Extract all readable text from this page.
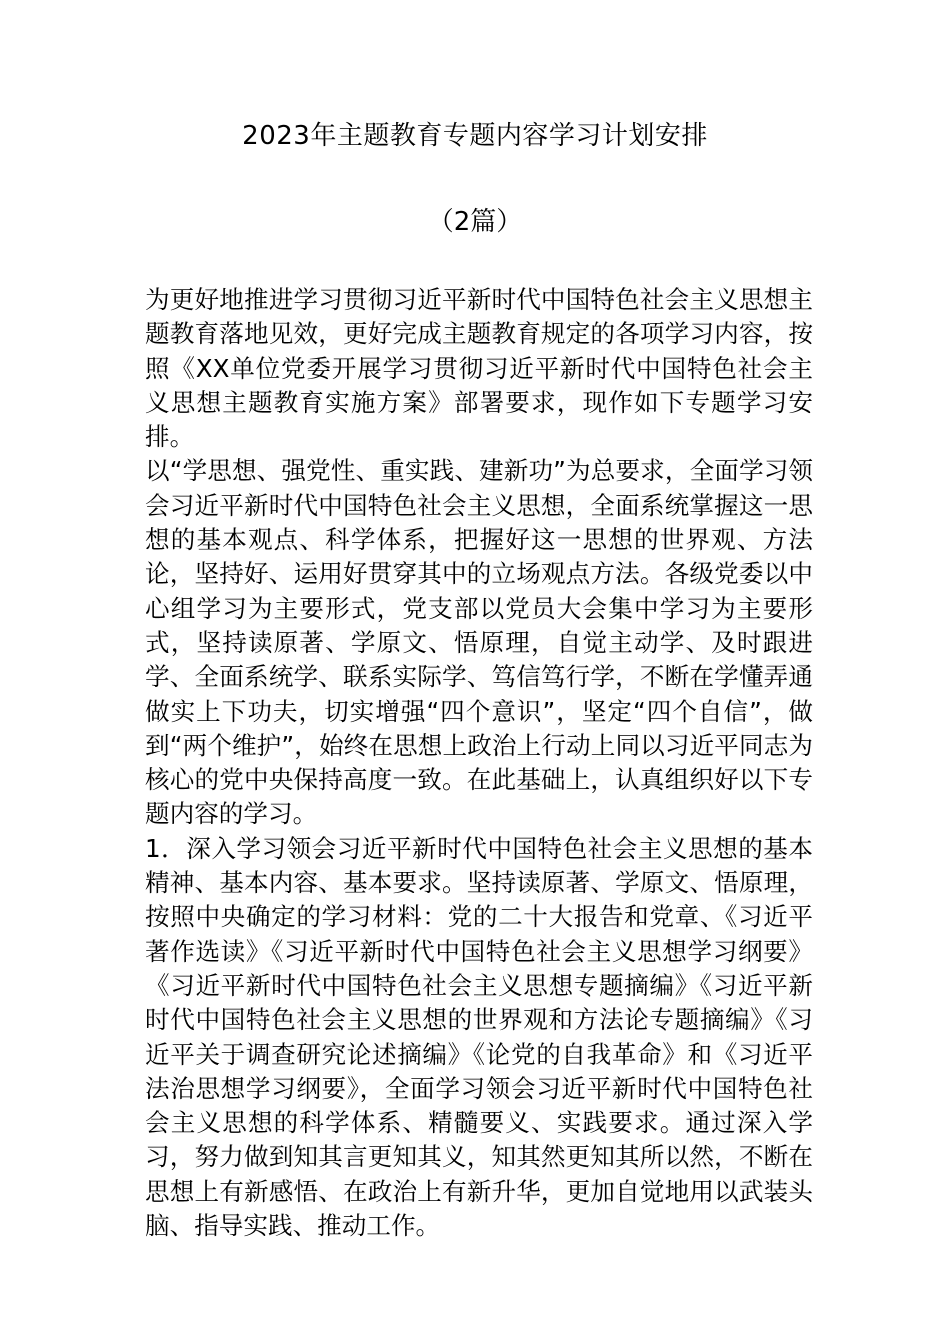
2023年主题教育专题内容学习计划安排
（2篇）

为更好地推进学习贯彻习近平新时代中国特色社会主义思想主题教育落地见效，更好完成主题教育规定的各项学习内容，按照《XX单位党委开展学习贯彻习近平新时代中国特色社会主义思想主题教育实施方案》部署要求，现作如下专题学习安排。

以“学思想、强党性、重实践、建新功”为总要求，全面学习领会习近平新时代中国特色社会主义思想，全面系统掌握这一思想的基本观点、科学体系，把握好这一思想的世界观、方法论，坚持好、运用好贯穿其中的立场观点方法。各级党委以中心组学习为主要形式，党支部以党员大会集中学习为主要形式，坚持读原著、学原文、悟原理，自觉主动学、及时跟进学、全面系统学、联系实际学、笃信笃行学，不断在学懂弄通做实上下功夫，切实增强“四个意识”，坚定“四个自信”，做到“两个维护”，始终在思想上政治上行动上同以习近平同志为核心的党中央保持高度一致。在此基础上，认真组织好以下专题内容的学习。

1．深入学习领会习近平新时代中国特色社会主义思想的基本精神、基本内容、基本要求。坚持读原著、学原文、悟原理，按照中央确定的学习材料：党的二十大报告和党章、《习近平著作选读》《习近平新时代中国特色社会主义思想学习纲要》《习近平新时代中国特色社会主义思想专题摘编》《习近平新时代中国特色社会主义思想的世界观和方法论专题摘编》《习近平关于调查研究论述摘编》《论党的自我革命》和《习近平法治思想学习纲要》，全面学习领会习近平新时代中国特色社会主义思想的科学体系、精髓要义、实践要求。通过深入学习，努力做到知其言更知其义，知其然更知其所以然，不断在思想上有新感悟、在政治上有新升华，更加自觉地用以武装头脑、指导实践、推动工作。
